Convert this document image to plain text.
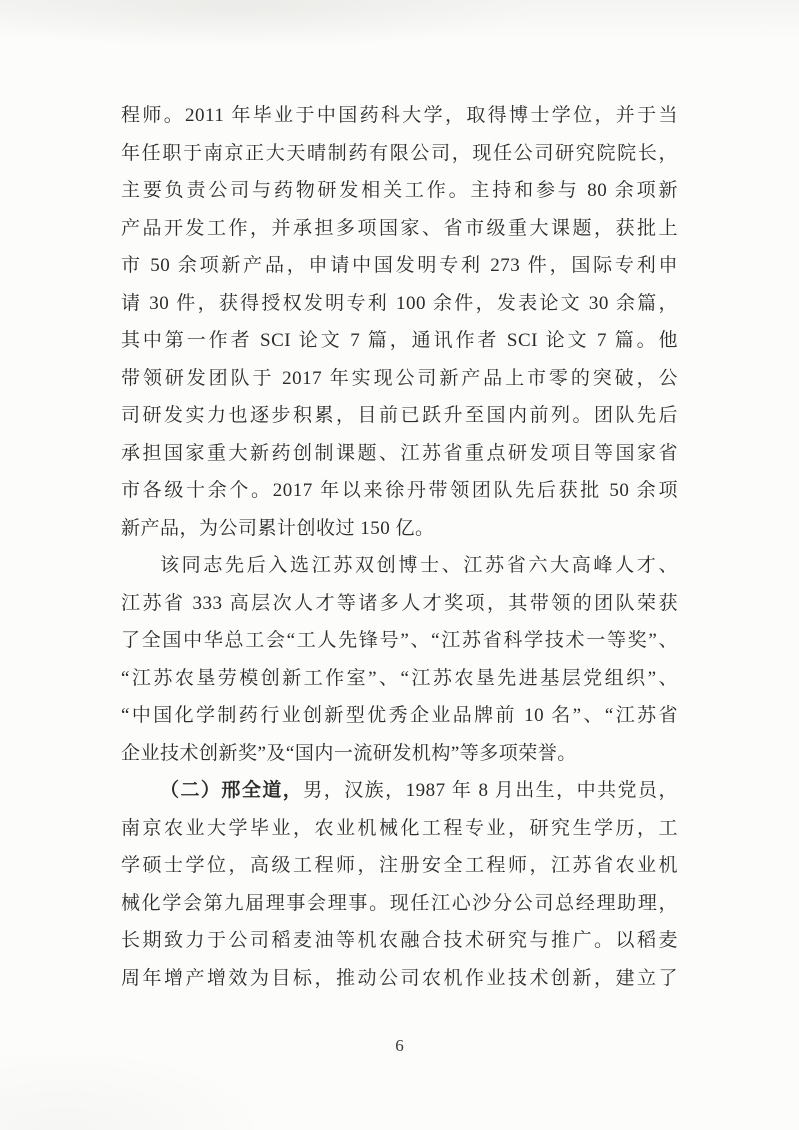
程师。2011 年毕业于中国药科大学，取得博士学位，并于当
年任职于南京正大天晴制药有限公司，现任公司研究院院长，
主要负责公司与药物研发相关工作。主持和参与 80 余项新
产品开发工作，并承担多项国家、省市级重大课题，获批上
市 50 余项新产品，申请中国发明专利 273 件，国际专利申
请 30 件，获得授权发明专利 100 余件，发表论文 30 余篇，
其中第一作者 SCI 论文 7 篇，通讯作者 SCI 论文 7 篇。他
带领研发团队于 2017 年实现公司新产品上市零的突破，公
司研发实力也逐步积累，目前已跃升至国内前列。团队先后
承担国家重大新药创制课题、江苏省重点研发项目等国家省
市各级十余个。2017 年以来徐丹带领团队先后获批 50 余项
新产品，为公司累计创收过 150 亿。
该同志先后入选江苏双创博士、江苏省六大高峰人才、
江苏省 333 高层次人才等诸多人才奖项，其带领的团队荣获
了全国中华总工会“工人先锋号”、“江苏省科学技术一等奖”、
“江苏农垦劳模创新工作室”、“江苏农垦先进基层党组织”、
“中国化学制药行业创新型优秀企业品牌前 10 名”、“江苏省
企业技术创新奖”及“国内一流研发机构”等多项荣誉。
（二）邢全道，男，汉族，1987 年 8 月出生，中共党员，
南京农业大学毕业，农业机械化工程专业，研究生学历，工
学硕士学位，高级工程师，注册安全工程师，江苏省农业机
械化学会第九届理事会理事。现任江心沙分公司总经理助理，
长期致力于公司稻麦油等机农融合技术研究与推广。以稻麦
周年增产增效为目标，推动公司农机作业技术创新，建立了
6
